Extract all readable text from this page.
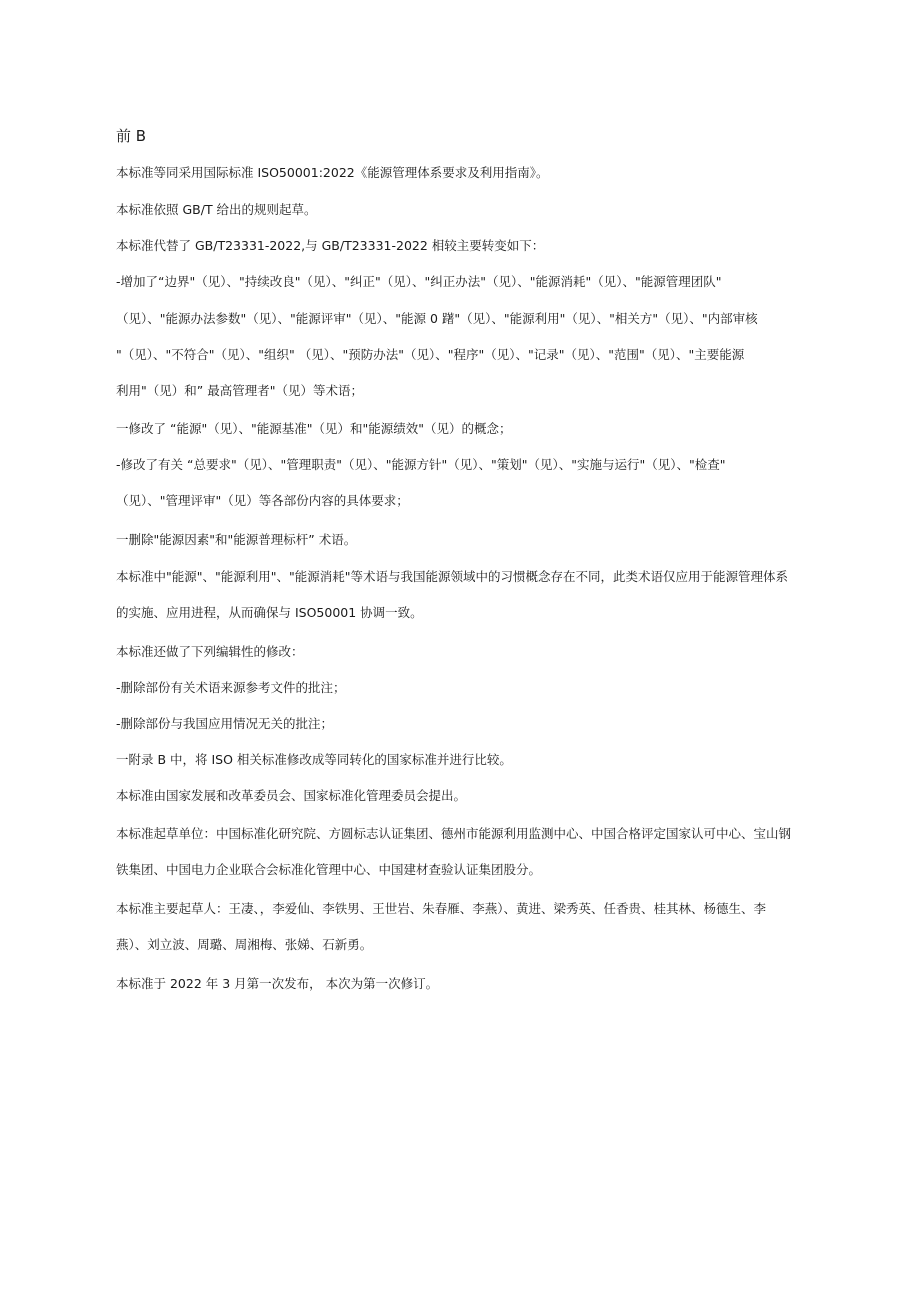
前 B
本标准等同采用国际标准 ISO50001:2022《能源管理体系要求及利用指南》。
本标准依照 GB/T 给出的规则起草。
本标准代替了 GB/T23331-2022,与 GB/T23331-2022 相较主要转变如下：
-增加了“边界"（见）、"持续改良"（见）、"纠正"（见）、"纠正办法"（见）、"能源消耗"（见）、"能源管理团队"
（见）、"能源办法参数"（见）、"能源评审"（见）、"能源 0 躇"（见）、"能源利用"（见）、"相关方"（见）、"内部审核
"（见）、"不符合"（见）、"组织" （见）、"预防办法"（见）、"程序"（见）、"记录"（见）、"范围"（见）、"主要能源
利用"（见）和” 最高管理者"（见）等术语；
一修改了 “能源"（见）、"能源基准"（见）和"能源绩效"（见）的概念；
-修改了有关 “总要求"（见）、"管理职责"（见）、"能源方针"（见）、"策划"（见）、"实施与运行"（见）、"检查"
（见）、"管理评审"（见）等各部份内容的具体要求；
一删除"能源因素"和"能源普理标杆” 术语。
本标准中"能源"、"能源利用"、"能源消耗"等术语与我国能源领域中的习惯概念存在不同，此类术语仅应用于能源管理体系
的实施、应用进程，从而确保与 ISO50001 协调一致。
本标准还做了下列编辑性的修改：
-删除部份有关术语来源参考文件的批注；
-删除部份与我国应用情况无关的批注；
一附录 B 中，将 ISO 相关标准修改成等同转化的国家标准并进行比较。
本标准由国家发展和改革委员会、国家标准化管理委员会提出。
本标准起草单位：中国标准化研究院、方圆标志认证集团、德州市能源利用监测中心、中国合格评定国家认可中心、宝山钢
铁集团、中国电力企业联合会标准化管理中心、中国建材查验认证集团股分。
本标准主要起草人：王凄、，李爱仙、李铁男、王世岩、朱春雁、李燕）、黄进、梁秀英、任香贵、桂其林、杨德生、李
燕）、刘立波、周璐、周湘梅、张娣、石新勇。
本标准于 2022 年 3 月第一次发布， 本次为第一次修订。
